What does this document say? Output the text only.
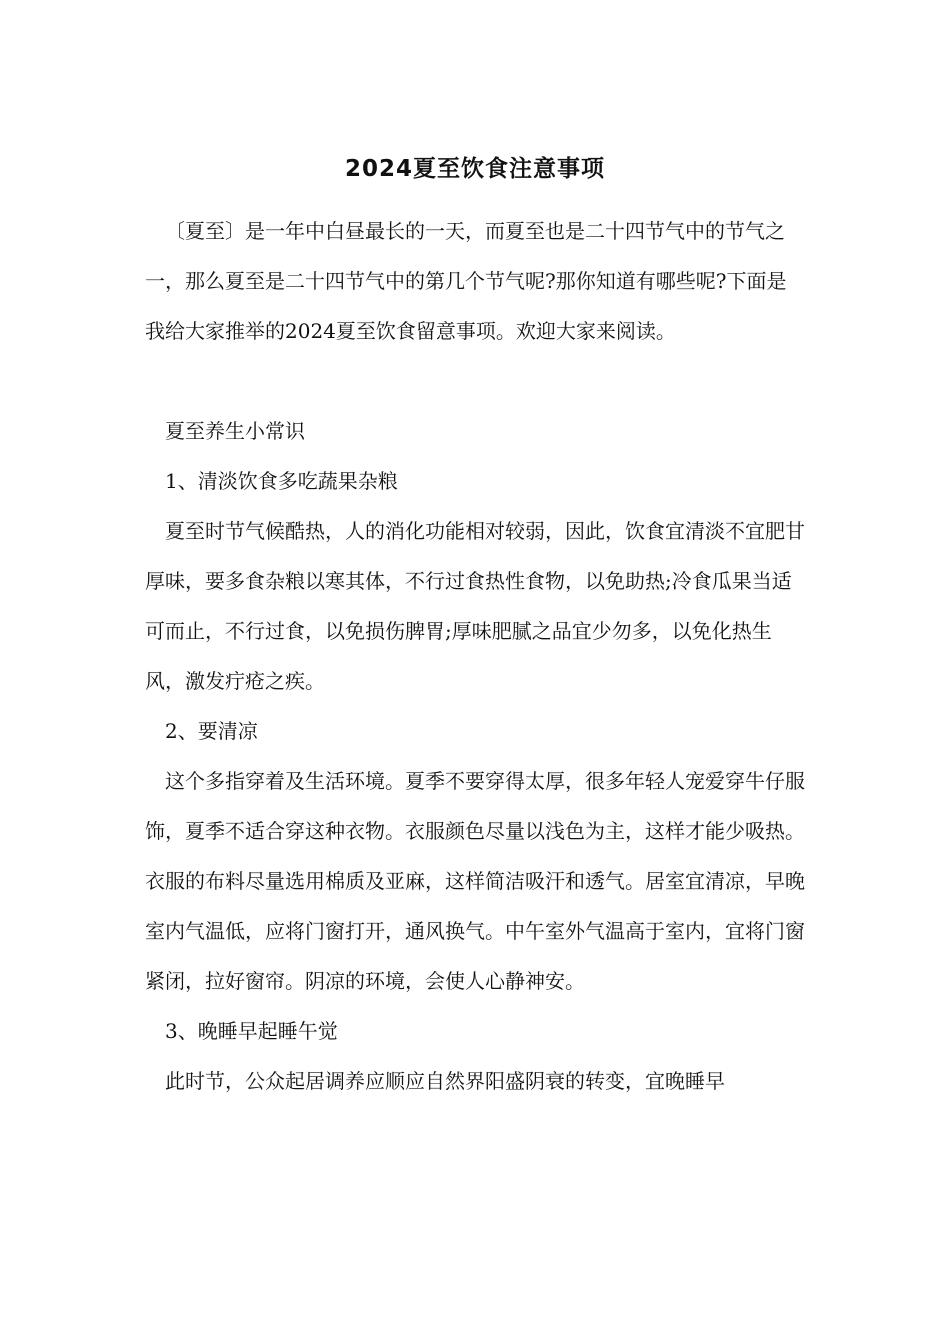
2024夏至饮食注意事项

〔夏至〕是一年中白昼最长的一天，而夏至也是二十四节气中的节气之一，那么夏至是二十四节气中的第几个节气呢?那你知道有哪些呢?下面是我给大家推举的2024夏至饮食留意事项。欢迎大家来阅读。

夏至养生小常识

1、清淡饮食多吃蔬果杂粮

夏至时节气候酷热，人的消化功能相对较弱，因此，饮食宜清淡不宜肥甘厚味，要多食杂粮以寒其体，不行过食热性食物，以免助热;冷食瓜果当适可而止，不行过食，以免损伤脾胃;厚味肥腻之品宜少勿多，以免化热生风，激发疔疮之疾。

2、要清凉

这个多指穿着及生活环境。夏季不要穿得太厚，很多年轻人宠爱穿牛仔服饰，夏季不适合穿这种衣物。衣服颜色尽量以浅色为主，这样才能少吸热。衣服的布料尽量选用棉质及亚麻，这样简洁吸汗和透气。居室宜清凉，早晚室内气温低，应将门窗打开，通风换气。中午室外气温高于室内，宜将门窗紧闭，拉好窗帘。阴凉的环境，会使人心静神安。

3、晚睡早起睡午觉

此时节，公众起居调养应顺应自然界阳盛阴衰的转变，宜晚睡早
